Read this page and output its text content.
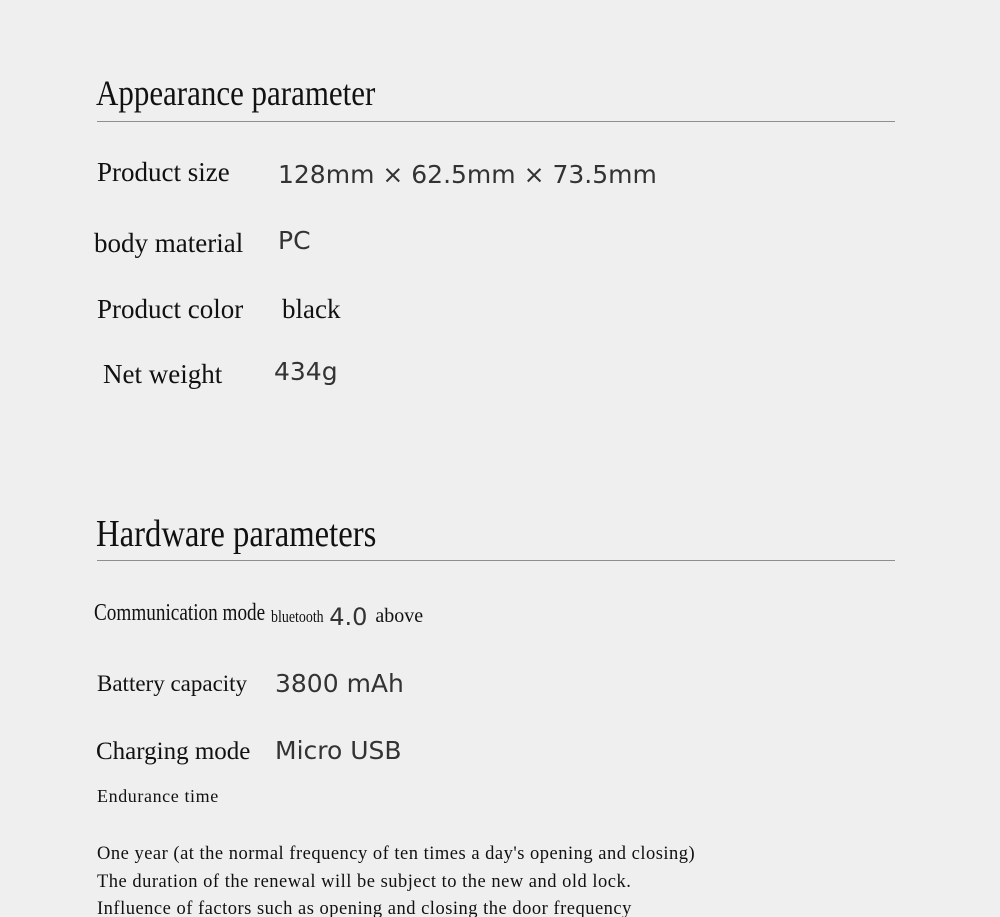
Appearance parameter

Product size 128mm × 62.5mm × 73.5mm

body material PC

Product color black

Net weight 434g

Hardware parameters

Communication mode bluetooth 4.0 above

Battery capacity 3800 mAh

Charging mode Micro USB

Endurance time

One year (at the normal frequency of ten times a day's opening and closing)
The duration of the renewal will be subject to the new and old lock.
Influence of factors such as opening and closing the door frequency
